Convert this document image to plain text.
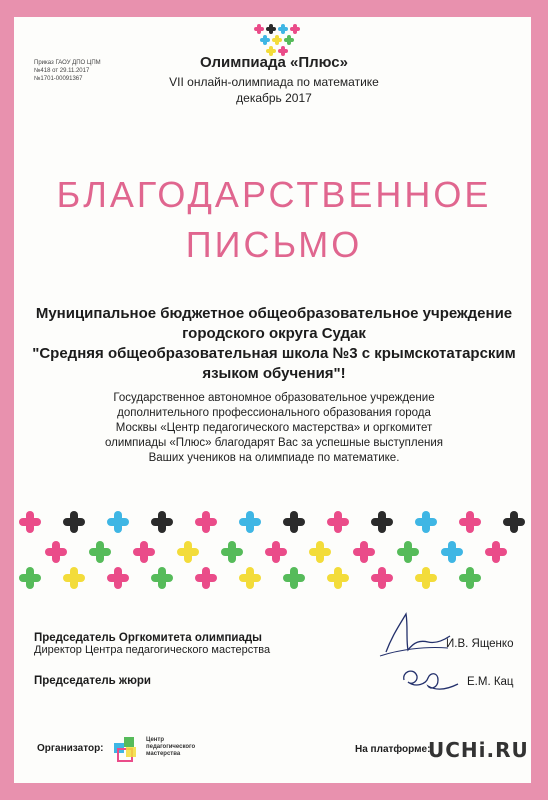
Приказ ГАОУ ДПО ЦПМ
№418 от 29.11.2017
№1701-00091367
Олимпиада «Плюс»
VII онлайн-олимпиада по математике
декабрь 2017
БЛАГОДАРСТВЕННОЕ
ПИСЬМО
Муниципальное бюджетное общеобразовательное учреждение
городского округа Судак
"Средняя общеобразовательная школа №3 с крымскотатарским
языком обучения"!
Государственное автономное образовательное учреждение
дополнительного профессионального образования города
Москвы «Центр педагогического мастерства» и оргкомитет
олимпиады «Плюс» благодарят Вас за успешные выступления
Ваших учеников на олимпиаде по математике.
Председатель Оргкомитета олимпиады
Директор Центра педагогического мастерства
Председатель жюри
И.В. Ященко
Е.М. Кац
Организатор:
Центр
педагогического
мастерства	На платформе:
UCHi.RU
